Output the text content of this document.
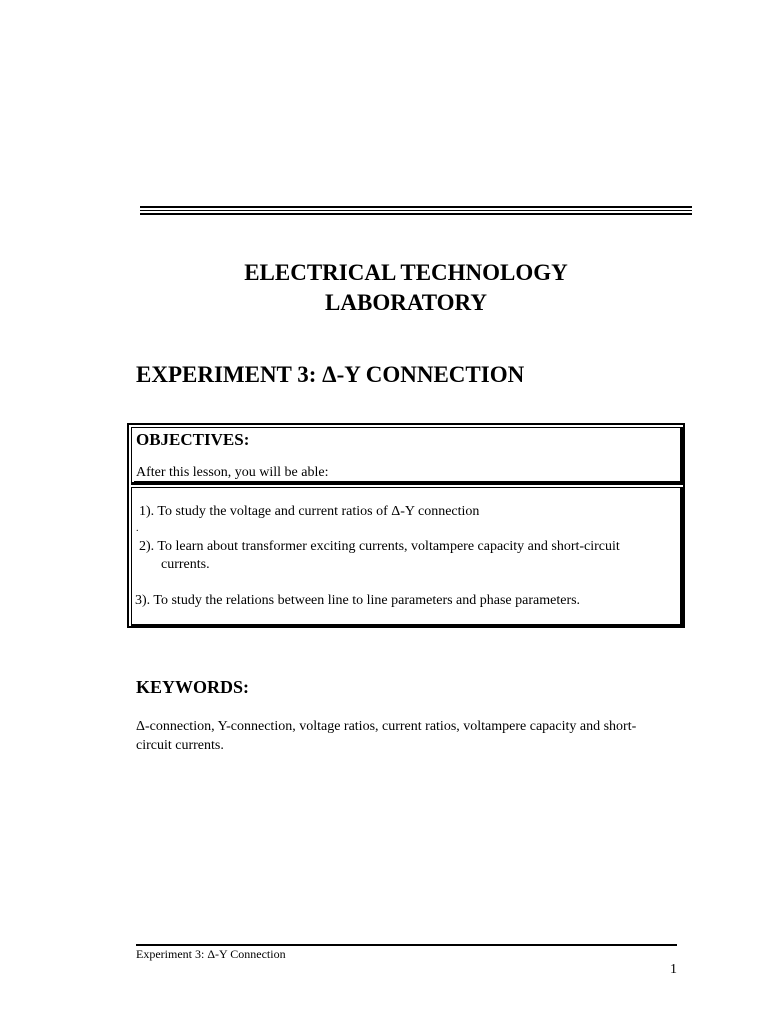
ELECTRICAL TECHNOLOGY
LABORATORY
EXPERIMENT 3: Δ-Y CONNECTION
OBJECTIVES:
After this lesson, you will be able:
1). To study the voltage and current ratios of Δ-Y connection
.
2). To learn about transformer exciting currents, voltampere capacity and short-circuit
currents.
3). To study the relations between line to line parameters and phase parameters.
KEYWORDS:
Δ-connection, Y-connection, voltage ratios, current ratios, voltampere capacity and short-
circuit currents.
Experiment 3: Δ-Y Connection
1
